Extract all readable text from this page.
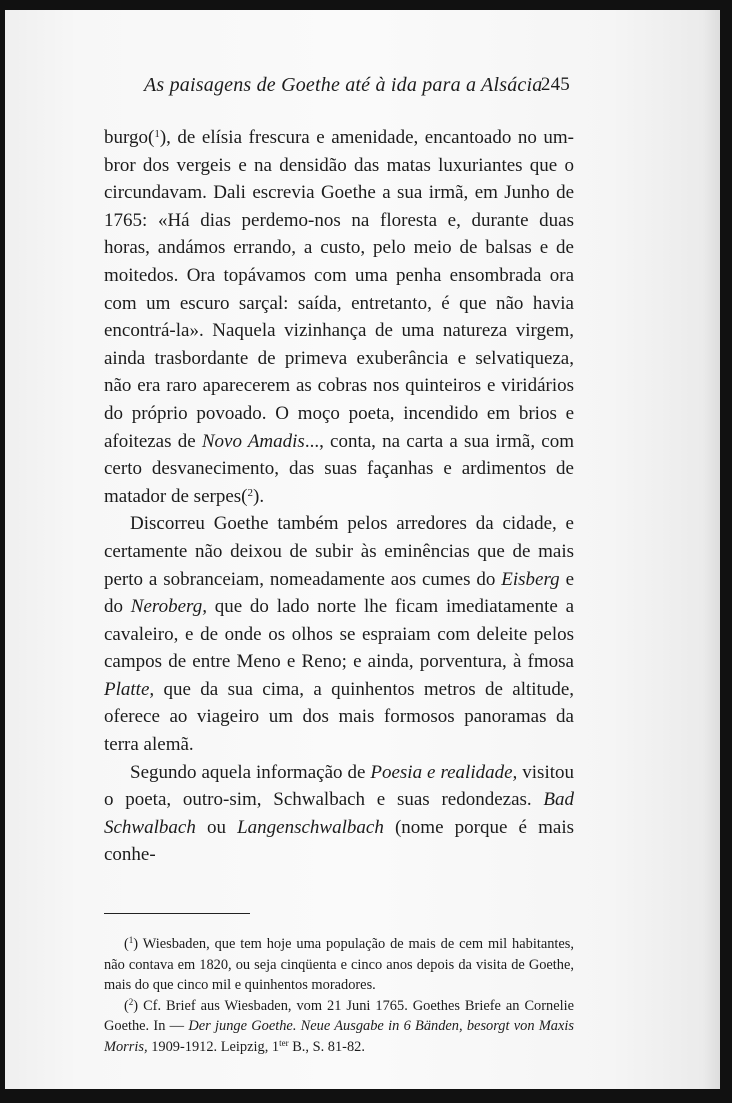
As paisagens de Goethe até à ida para a Alsácia
245

burgo($^1$), de elísia frescura e amenidade, encantoado no umbror dos vergeis e na densidão das matas luxuriantes que o circundavam. Dali escrevia Goethe a sua irmã, em Junho de 1765: «Há dias perdemo-nos na floresta e, durante duas horas, andámos errando, a custo, pelo meio de balsas e de moitedos. Ora topávamos com uma penha ensombrada ora com um escuro sarçal: saída, entretanto, é que não havia encontrá-la». Naquela vizinhança de uma natureza virgem, ainda trasbordante de primeva exuberância e selvatiqueza, não era raro aparecerem as cobras nos quinteiros e viridários do próprio povoado. O moço poeta, incendido em brios e afoitezas de Novo Amadis..., conta, na carta a sua irmã, com certo desvanecimento, das suas façanhas e ardimentos de matador de serpes($^2$).

Discorreu Goethe também pelos arredores da cidade, e certamente não deixou de subir às eminências que de mais perto a sobranceiam, nomeadamente aos cumes do Eisberg e do Neroberg, que do lado norte lhe ficam imediatamente a cavaleiro, e de onde os olhos se espraiam com deleite pelos campos de entre Meno e Reno; e ainda, porventura, à fmosa Platte, que da sua cima, a quinhentos metros de altitude, oferece ao viageiro um dos mais formosos panoramas da terra alemã.

Segundo aquela informação de Poesia e realidade, visitou o poeta, outro-sim, Schwalbach e suas redondezas. Bad Schwalbach ou Langenschwalbach (nome porque é mais conhe-

($^1$) Wiesbaden, que tem hoje uma população de mais de cem mil habitantes, não contava em 1820, ou seja cinqüenta e cinco anos depois da visita de Goethe, mais do que cinco mil e quinhentos moradores.

($^2$) Cf. Brief aus Wiesbaden, vom 21 Juni 1765. Goethes Briefe an Cornelie Goethe. In — Der junge Goethe. Neue Ausgabe in 6 Bänden, besorgt von Maxis Morris, 1909-1912. Leipzig, $1^{ter}$ B., S. 81-82.
